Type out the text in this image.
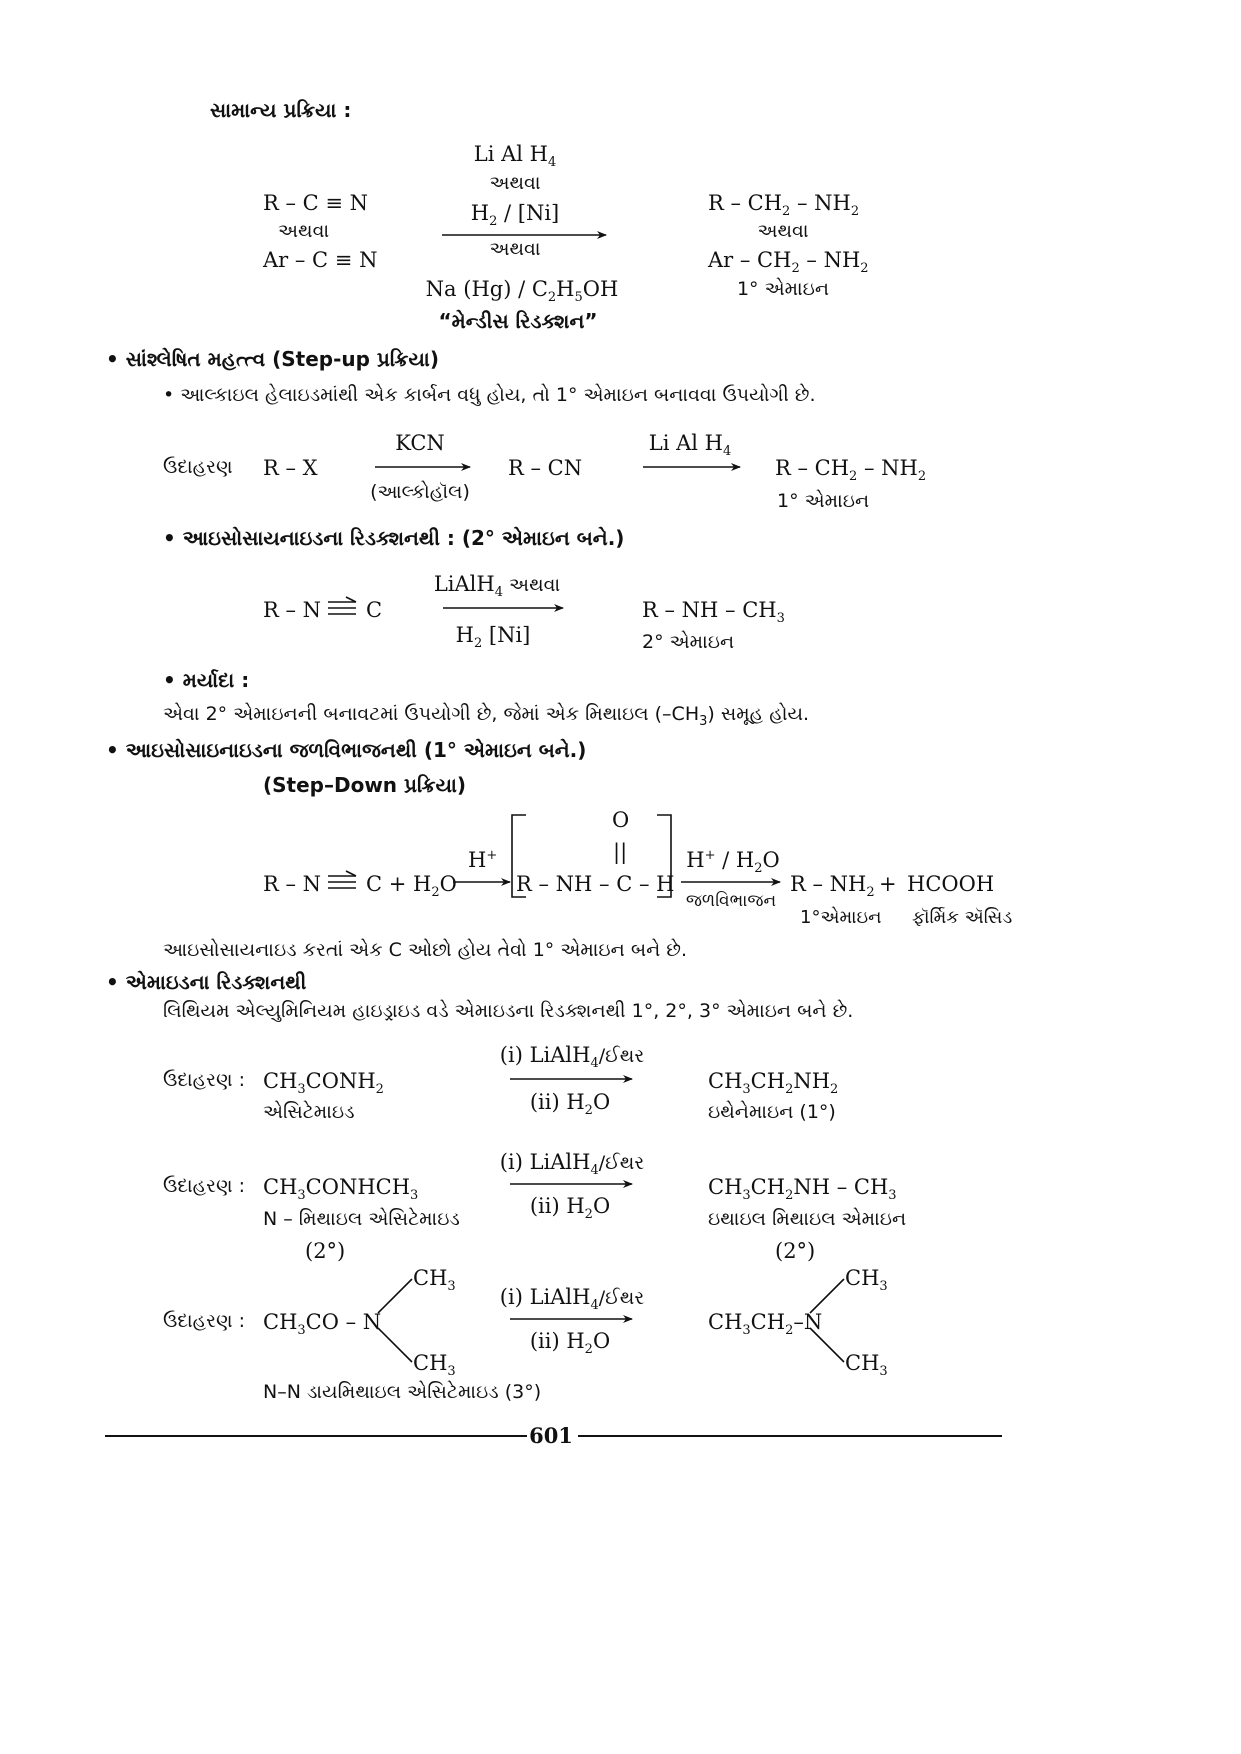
સામાન્ય પ્રક્રિયા :
Li Al $H_4$
અથવા
$H_2 / [Ni]$
અથવા
Na $(Hg) / C_2H_5OH$
“મેન્ડીસ રિડક્શન”
R – C ≡ N
અથવા
Ar – C ≡ N
R – $CH_2 - NH_2$
અથવા
Ar – $CH_2 - NH_2$
1° એમાઇન
• સાંશ્લેષિત મહત્ત્વ (Step-up પ્રક્રિયા)
• આલ્કાઇલ હેલાઇડમાંથી એક કાર્બન વધુ હોય, તો 1° એમાઇન બનાવવા ઉપયોગી છે.
ઉદાહરણ R – X
KCN
(આલ્કોહૉલ)
R – CN
Li Al $H_4$
R – $CH_2 - NH_2$
1° એમાઇન
• આઇસોસાયનાઇડના રિડક્શનથી : (2° એમાઇન બને.)
R – N C
LiAlH$_4$ અથવા
$H_2$ [Ni]
R – NH – $CH_3$
2° એમાઇન
• મર્યાદા :
એવા 2° એમાઇનની બનાવટમાં ઉપયોગી છે, જેમાં એક મિથાઇલ $(-CH_3)$ સમૂહ હોય.
• આઇસોસાઇનાઇડના જળવિભાજનથી (1° એમાઇન બને.)
(Step–Down પ્રક્રિયા)
R – N $C + H_2O$
H+
O
||
R – NH – C – H
$H^+ / H_2O$
જળવિભાજન
R – $NH_2$ + HCOOH
1°એમાઇન ફૉર્મિક ઍસિડ
આઇસોસાયનાઇડ કરતાં એક C ઓછો હોય તેવો 1° એમાઇન બને છે.
• એમાઇડના રિડક્શનથી
લિથિયમ એલ્યુમિનિયમ હાઇડ્રાઇડ વડે એમાઇડના રિડક્શનથી 1°, 2°, 3° એમાઇન બને છે.
ઉદાહરણ : $CH_3CONH_2$
એસિટેમાઇડ
(i) LiAlH$_4$/ઈથર
(ii) $H_2O$
$CH_3CH_2NH_2$
ઇથેનેમાઇન (1°)
ઉદાહરણ : $CH_3CONHCH_3$
N – મિથાઇલ એસિટેમાઇડ
(2°)
(i) LiAlH$_4$/ઈથર
(ii) $H_2O$
$CH_3CH_2NH - CH_3$
ઇથાઇલ મિથાઇલ એમાઇન
(2°)
ઉદાહરણ : $CH_3CO$ – N
$CH_3$
$CH_3$
N–N ડાયમિથાઇલ એસિટેમાઇડ (3°)
(i) LiAlH$_4$/ઈથર
(ii) $H_2O$
$CH_3CH_2-N$
$CH_3$
$CH_3$
601
